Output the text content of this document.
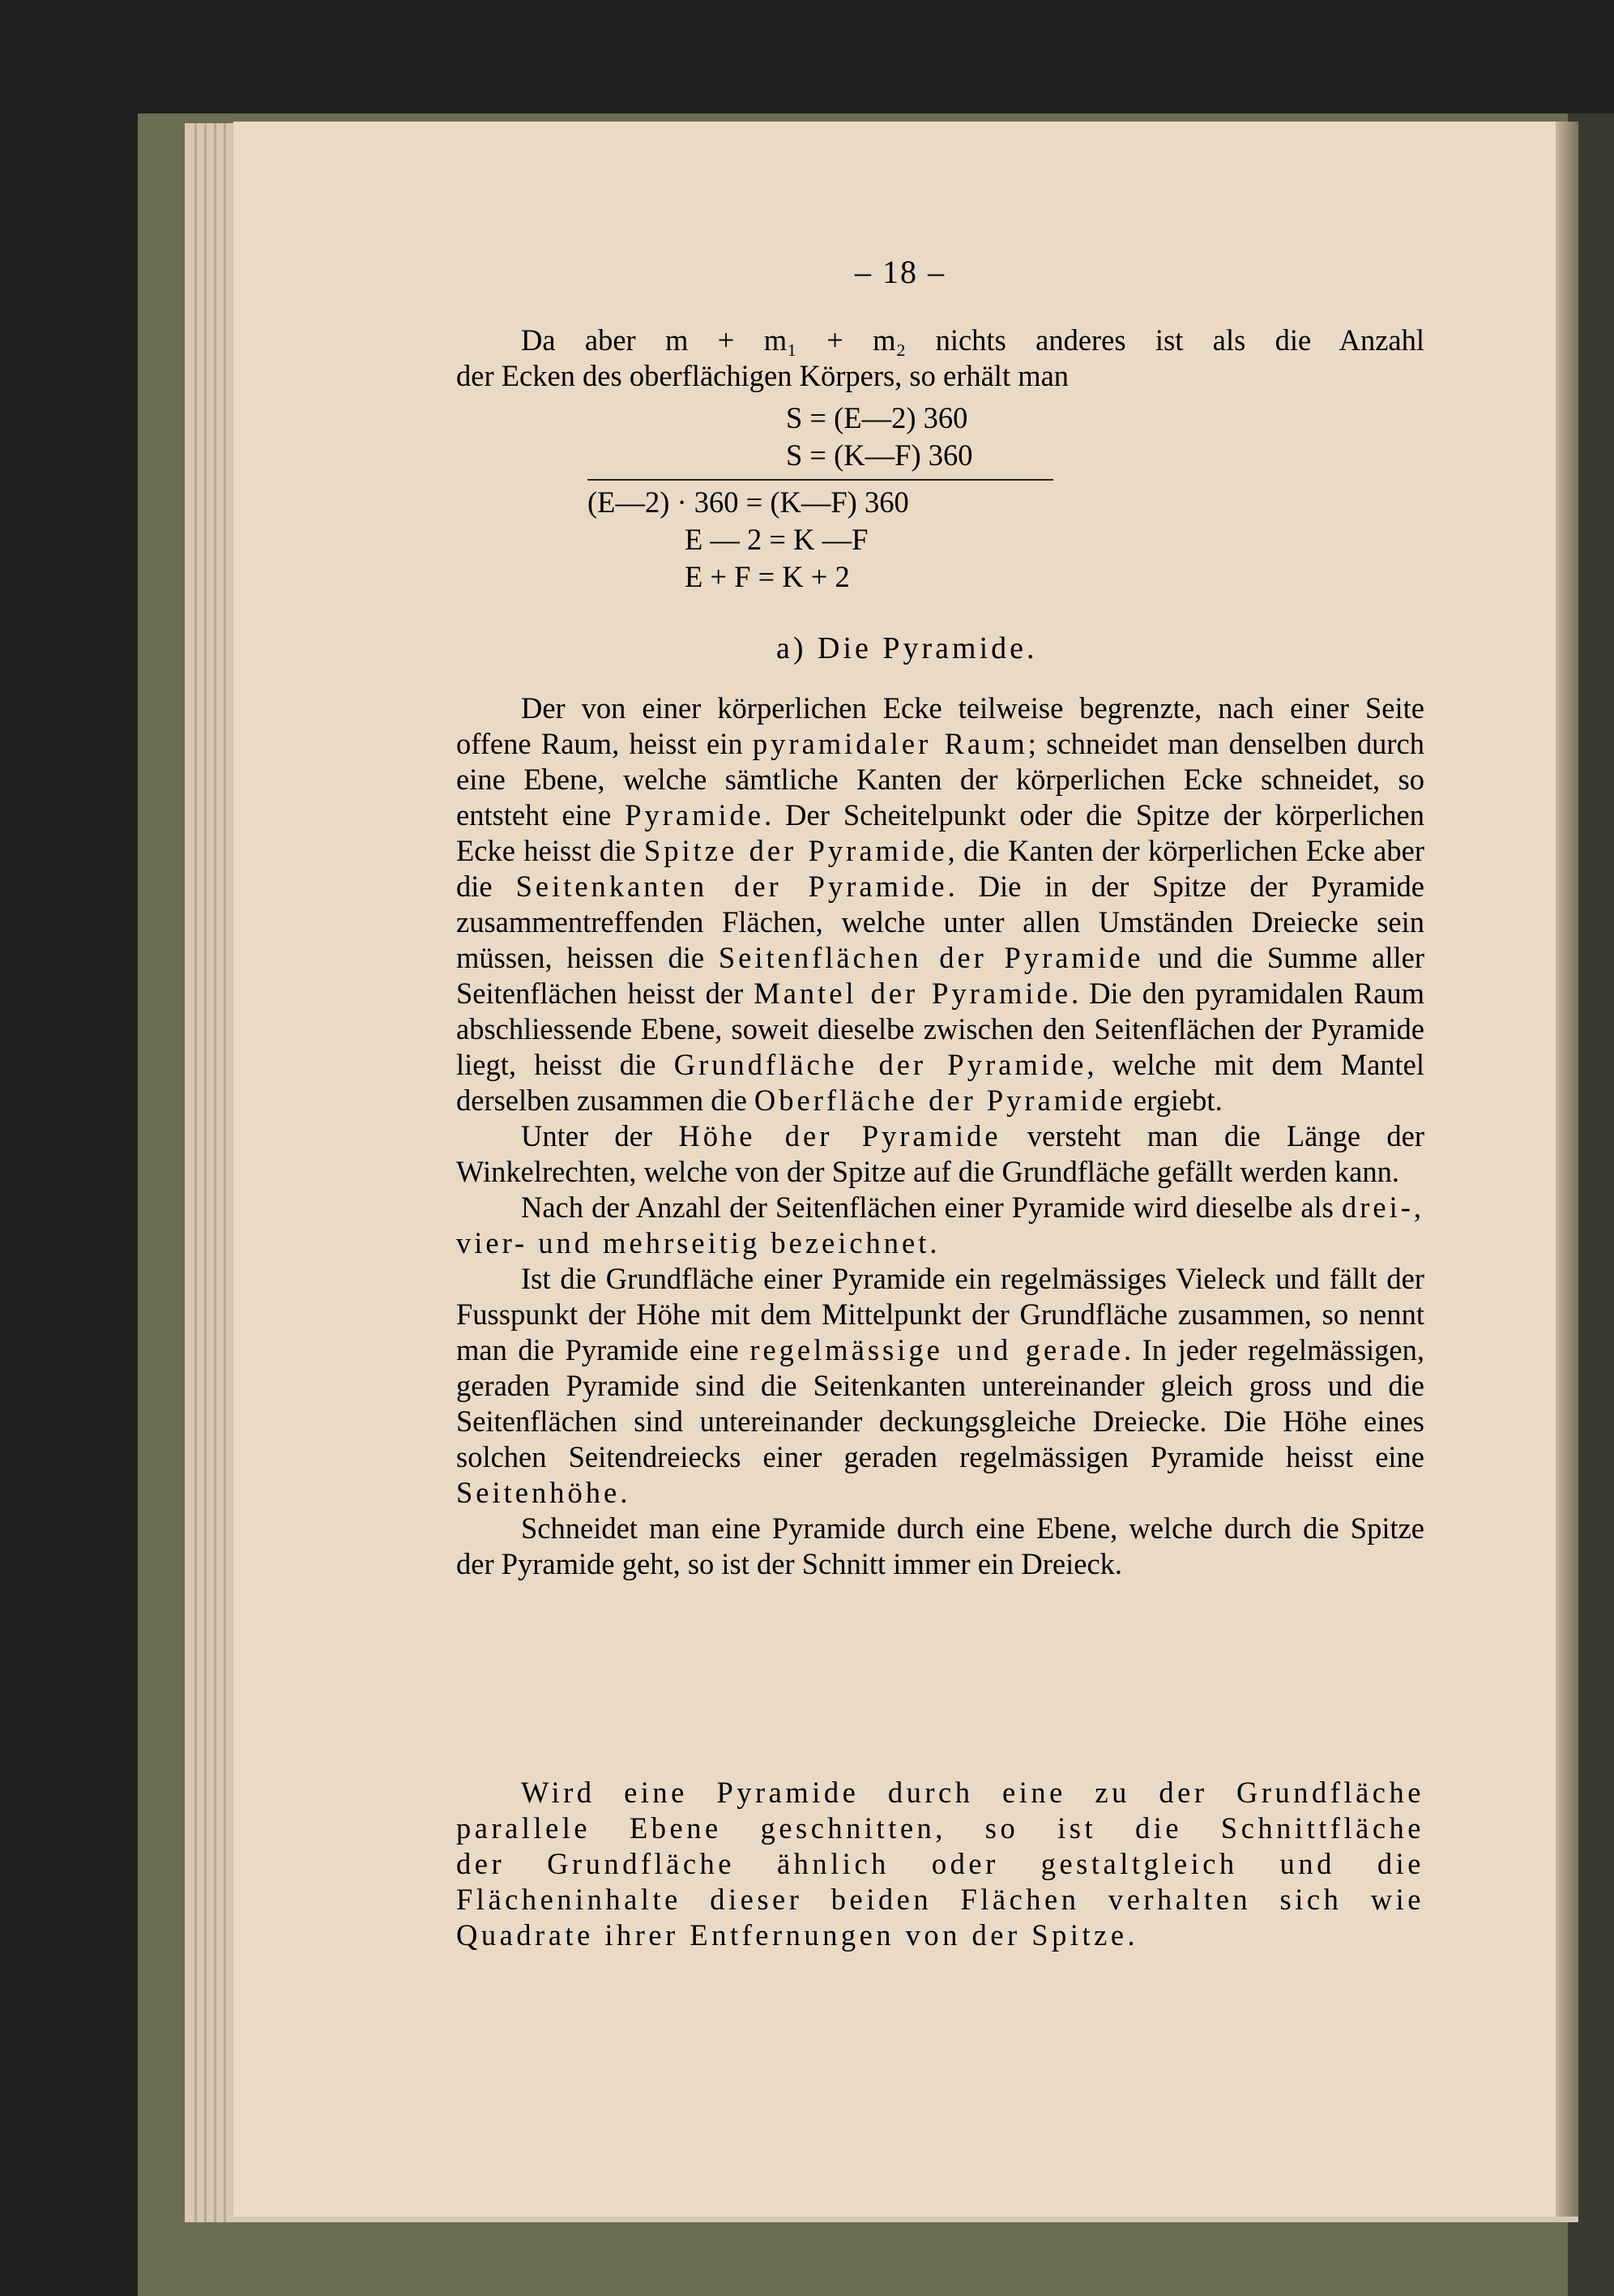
– 18 –
Da aber m + m₁ + m₂ nichts anderes ist als die Anzahl
der Ecken des oberflächigen Körpers, so erhält man
S = (E—2) 360
S = (K—F) 360
(E—2) · 360 = (K—F) 360
E — 2 = K —F
E + F = K + 2
a) Die Pyramide.

Der von einer körperlichen Ecke teilweise begrenzte, nach einer Seite offene Raum, heisst ein pyramidaler Raum; schneidet man denselben durch eine Ebene, welche sämtliche Kanten der körperlichen Ecke schneidet, so entsteht eine Pyramide. Der Scheitelpunkt oder die Spitze der körperlichen Ecke heisst die Spitze der Pyramide, die Kanten der körperlichen Ecke aber die Seitenkanten der Pyramide. Die in der Spitze der Pyramide zusammentreffenden Flächen, welche unter allen Umständen Dreiecke sein müssen, heissen die Seitenflächen der Pyramide und die Summe aller Seitenflächen heisst der Mantel der Pyramide. Die den pyramidalen Raum abschliessende Ebene, soweit dieselbe zwischen den Seitenflächen der Pyramide liegt, heisst die Grundfläche der Pyramide, welche mit dem Mantel derselben zusammen die Oberfläche der Pyramide ergiebt.

Unter der Höhe der Pyramide versteht man die Länge der Winkelrechten, welche von der Spitze auf die Grundfläche gefällt werden kann.

Nach der Anzahl der Seitenflächen einer Pyramide wird dieselbe als drei-, vier- und mehrseitig bezeichnet.

Ist die Grundfläche einer Pyramide ein regelmässiges Vieleck und fällt der Fusspunkt der Höhe mit dem Mittelpunkt der Grundfläche zusammen, so nennt man die Pyramide eine regelmässige und gerade. In jeder regelmässigen, geraden Pyramide sind die Seitenkanten untereinander gleich gross und die Seitenflächen sind untereinander deckungsgleiche Dreiecke. Die Höhe eines solchen Seitendreiecks einer geraden regelmässigen Pyramide heisst eine Seitenhöhe.

Schneidet man eine Pyramide durch eine Ebene, welche durch die Spitze der Pyramide geht, so ist der Schnitt immer ein Dreieck.

Wird eine Pyramide durch eine zu der Grundfläche
parallele Ebene geschnitten, so ist die Schnittfläche
der Grundfläche ähnlich oder gestaltgleich und die
Flächeninhalte dieser beiden Flächen verhalten sich wie
Quadrate ihrer Entfernungen von der Spitze.
